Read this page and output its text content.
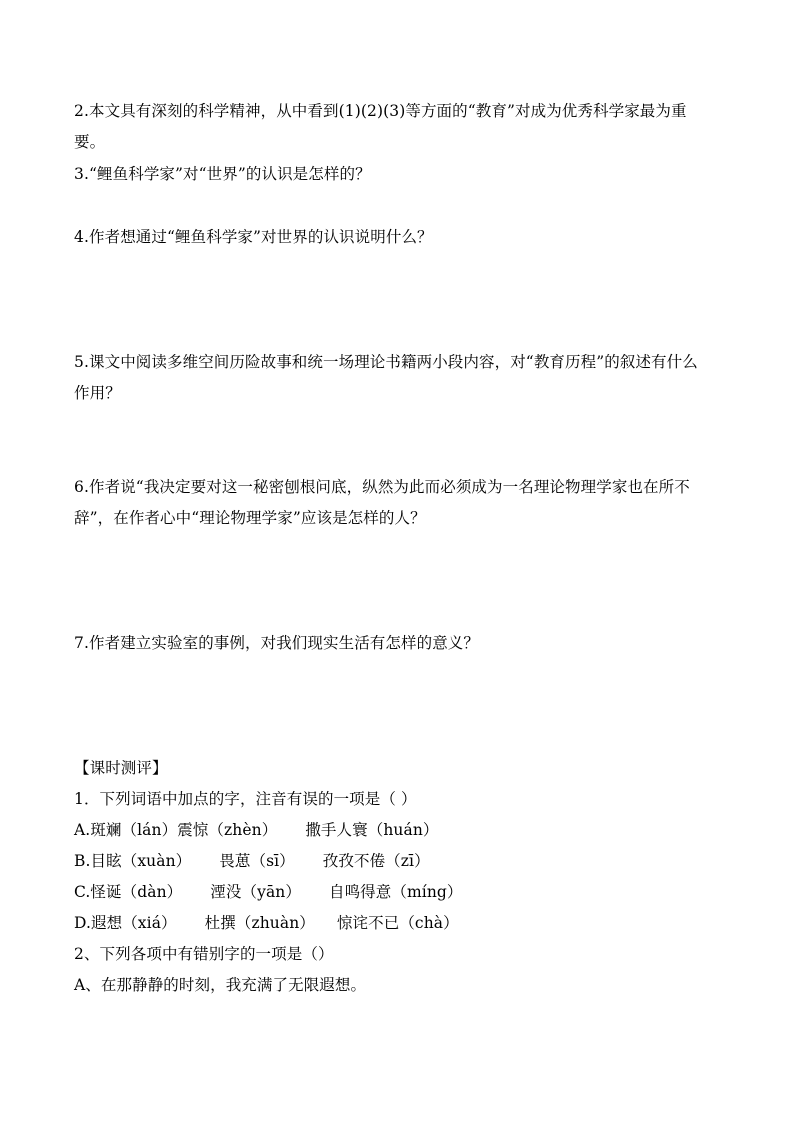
2.本文具有深刻的科学精神，从中看到(1)(2)(3)等方面的“教育”对成为优秀科学家最为重
要。
3.“鲤鱼科学家”对“世界”的认识是怎样的？
4.作者想通过“鲤鱼科学家”对世界的认识说明什么？
5.课文中阅读多维空间历险故事和统一场理论书籍两小段内容，对“教育历程”的叙述有什么
作用？
6.作者说“我决定要对这一秘密刨根问底，纵然为此而必须成为一名理论物理学家也在所不
辞”，在作者心中“理论物理学家”应该是怎样的人？
7.作者建立实验室的事例，对我们现实生活有怎样的意义？
【课时测评】
1．下列词语中加点的字，注音有误的一项是（ ）
A.斑斓（lán）震惊（zhèn） 撒手人寰（huán）
B.目眩（xuàn） 畏葸（sī） 孜孜不倦（zī）
C.怪诞（dàn） 湮没（yān） 自鸣得意（míng）
D.遐想（xiá） 杜撰（zhuàn） 惊诧不已（chà）
2、下列各项中有错别字的一项是（）
A、在那静静的时刻，我充满了无限遐想。
